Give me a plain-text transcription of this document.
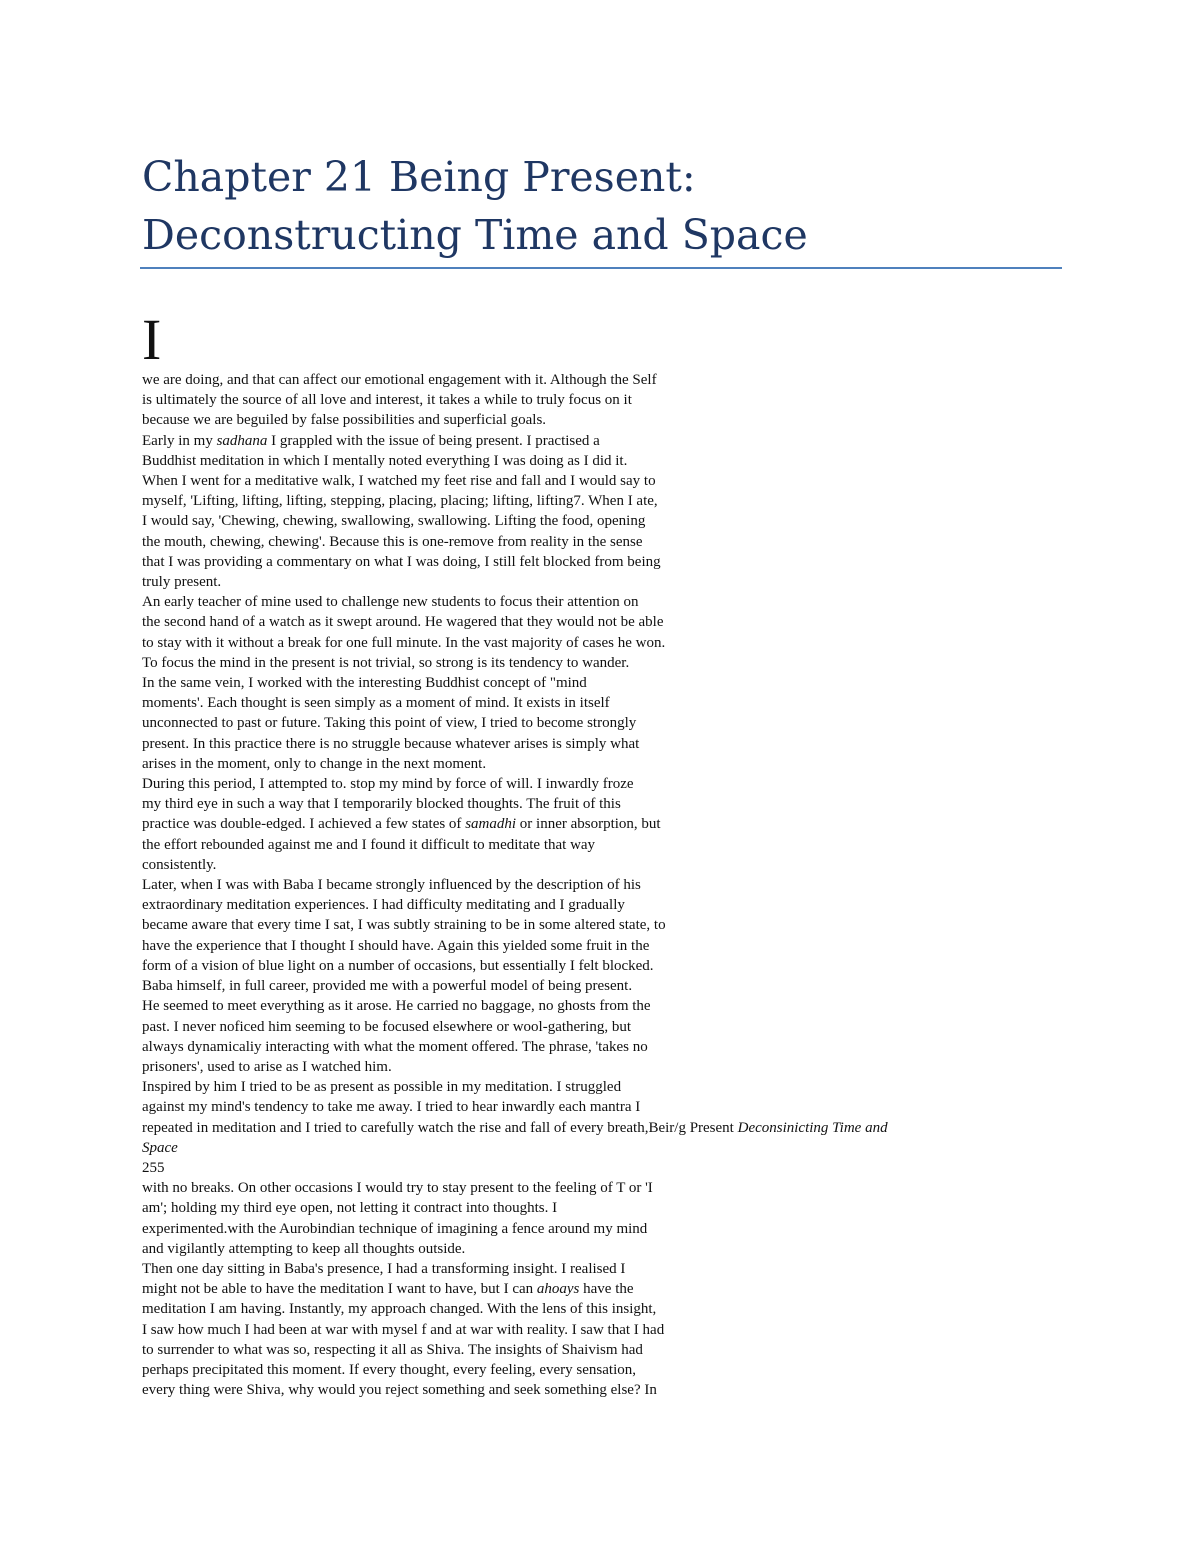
Chapter 21 Being Present:
Deconstructing Time and Space
I
we are doing, and that can affect our emotional engagement with it. Although the Self
is ultimately the source of all love and interest, it takes a while to truly focus on it
because we are beguiled by false possibilities and superficial goals.
Early in my sadhana I grappled with the issue of being present. I practised a
Buddhist meditation in which I mentally noted everything I was doing as I did it.
When I went for a meditative walk, I watched my feet rise and fall and I would say to
myself, 'Lifting, lifting, lifting, stepping, placing, placing; lifting, lifting7. When I ate,
I would say, 'Chewing, chewing, swallowing, swallowing. Lifting the food, opening
the mouth, chewing, chewing'. Because this is one-remove from reality in the sense
that I was providing a commentary on what I was doing, I still felt blocked from being
truly present.
An early teacher of mine used to challenge new students to focus their attention on
the second hand of a watch as it swept around. He wagered that they would not be able
to stay with it without a break for one full minute. In the vast majority of cases he won.
To focus the mind in the present is not trivial, so strong is its tendency to wander.
In the same vein, I worked with the interesting Buddhist concept of "mind
moments'. Each thought is seen simply as a moment of mind. It exists in itself
unconnected to past or future. Taking this point of view, I tried to become strongly
present. In this practice there is no struggle because whatever arises is simply what
arises in the moment, only to change in the next moment.
During this period, I attempted to. stop my mind by force of will. I inwardly froze
my third eye in such a way that I temporarily blocked thoughts. The fruit of this
practice was double-edged. I achieved a few states of samadhi or inner absorption, but
the effort rebounded against me and I found it difficult to meditate that way
consistently.
Later, when I was with Baba I became strongly influenced by the description of his
extraordinary meditation experiences. I had difficulty meditating and I gradually
became aware that every time I sat, I was subtly straining to be in some altered state, to
have the experience that I thought I should have. Again this yielded some fruit in the
form of a vision of blue light on a number of occasions, but essentially I felt blocked.
Baba himself, in full career, provided me with a powerful model of being present.
He seemed to meet everything as it arose. He carried no baggage, no ghosts from the
past. I never noficed him seeming to be focused elsewhere or wool-gathering, but
always dynamicaliy interacting with what the moment offered. The phrase, 'takes no
prisoners', used to arise as I watched him.
Inspired by him I tried to be as present as possible in my meditation. I struggled
against my mind's tendency to take me away. I tried to hear inwardly each mantra I
repeated in meditation and I tried to carefully watch the rise and fall of every breath,Beir/g Present Deconsinicting Time and
Space
255
with no breaks. On other occasions I would try to stay present to the feeling of T or 'I
am'; holding my third eye open, not letting it contract into thoughts. I
experimented.with the Aurobindian technique of imagining a fence around my mind
and vigilantly attempting to keep all thoughts outside.
Then one day sitting in Baba's presence, I had a transforming insight. I realised I
might not be able to have the meditation I want to have, but I can ahoays have the
meditation I am having. Instantly, my approach changed. With the lens of this insight,
I saw how much I had been at war with mysel f and at war with reality. I saw that I had
to surrender to what was so, respecting it all as Shiva. The insights of Shaivism had
perhaps precipitated this moment. If every thought, every feeling, every sensation,
every thing were Shiva, why would you reject something and seek something else? In
